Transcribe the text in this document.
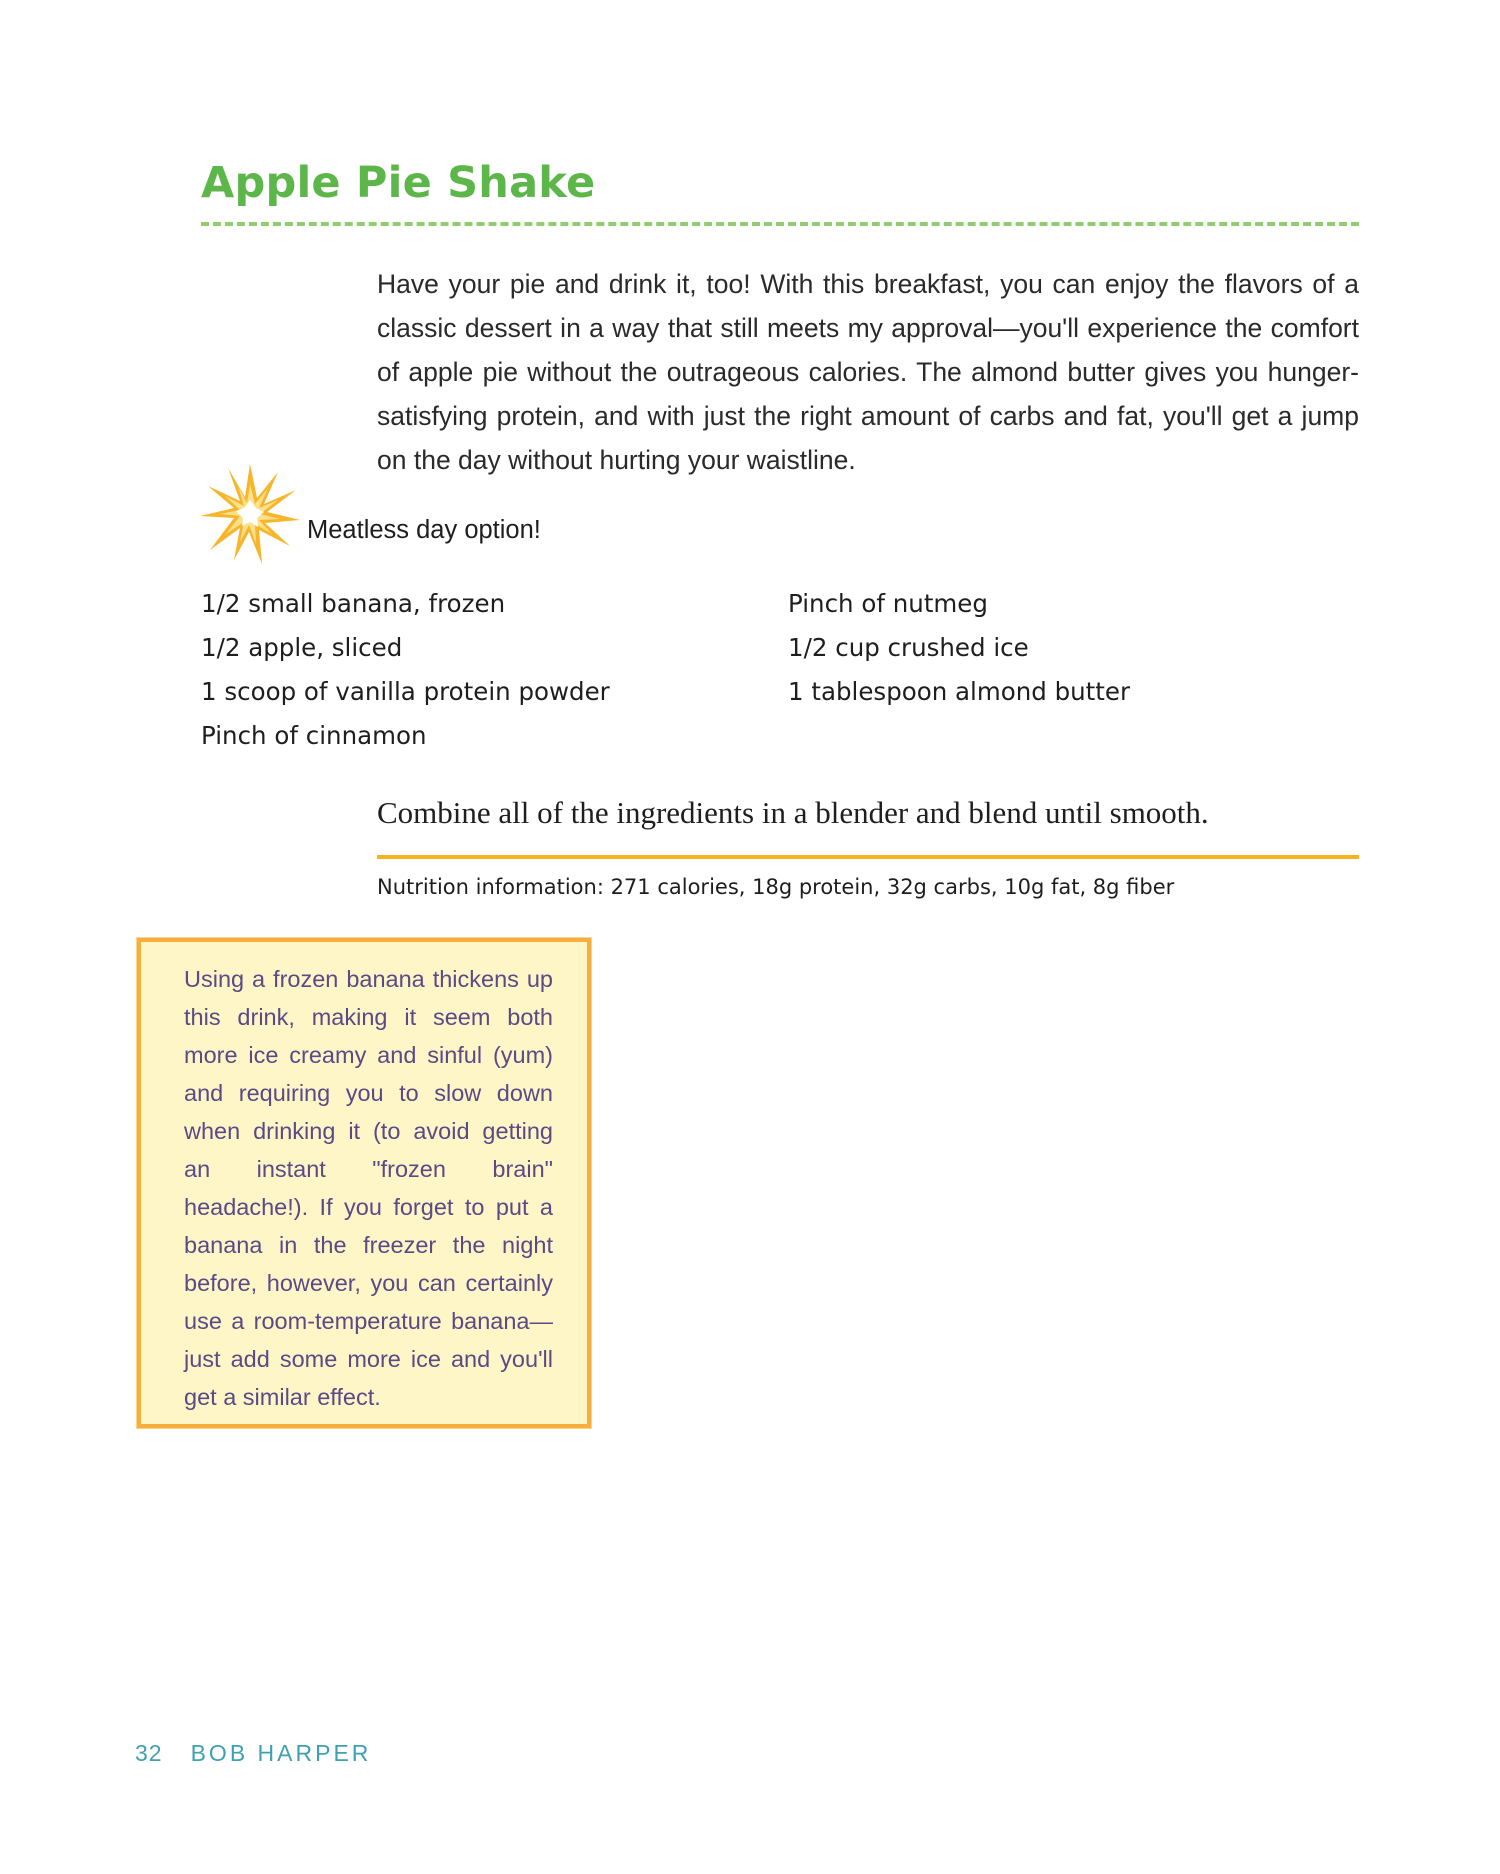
Apple Pie Shake

Have your pie and drink it, too! With this breakfast, you can enjoy the flavors of a classic dessert in a way that still meets my approval—you'll experience the comfort of apple pie without the outrageous calories. The almond butter gives you hunger-satisfying protein, and with just the right amount of carbs and fat, you'll get a jump on the day without hurting your waistline.

Meatless day option!
1/2 small banana, frozen
1/2 apple, sliced
1 scoop of vanilla protein powder
Pinch of cinnamon
Pinch of nutmeg
1/2 cup crushed ice
1 tablespoon almond butter
Combine all of the ingredients in a blender and blend until smooth.
Nutrition information: 271 calories, 18g protein, 32g carbs, 10g fat, 8g fiber

Using a frozen banana thickens up this drink, making it seem both more ice creamy and sinful (yum) and requiring you to slow down when drinking it (to avoid getting an instant "frozen brain" headache!). If you forget to put a banana in the freezer the night before, however, you can certainly use a room-temperature banana—just add some more ice and you'll get a similar effect.

32 BOB HARPER
